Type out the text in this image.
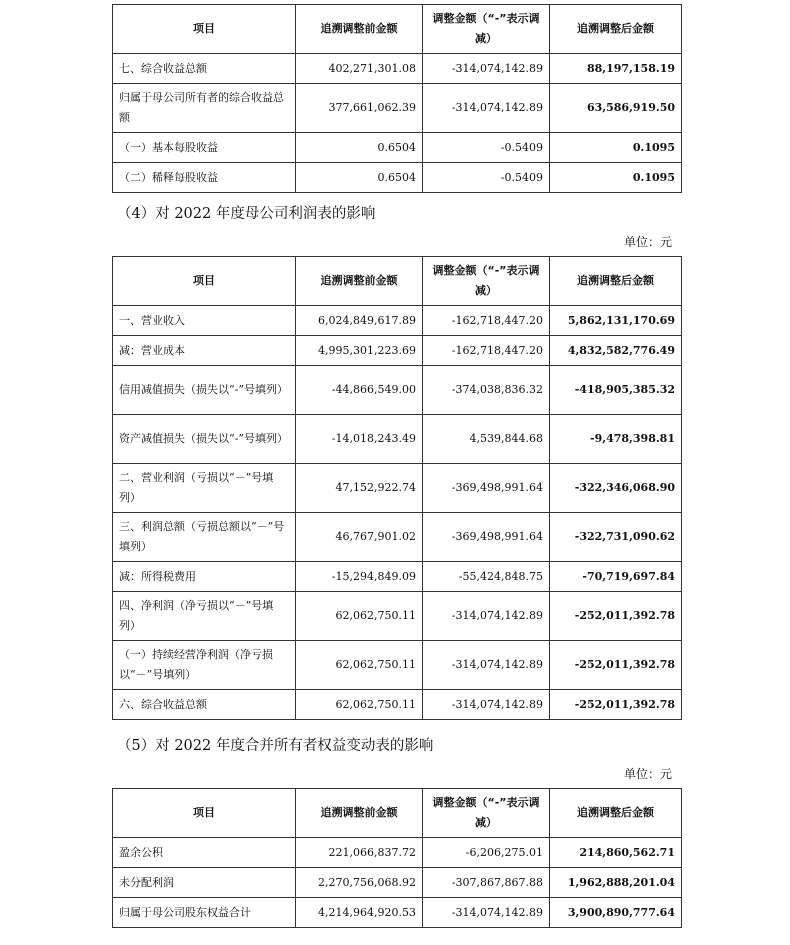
项目	追溯调整前金额	调整金额（“-”表示调减）	追溯调整后金额
七、综合收益总额	402,271,301.08	-314,074,142.89	88,197,158.19
归属于母公司所有者的综合收益总额	377,661,062.39	-314,074,142.89	63,586,919.50
（一）基本每股收益	0.6504	-0.5409	0.1095
（二）稀释每股收益	0.6504	-0.5409	0.1095
（4）对 2022 年度母公司利润表的影响
单位：元
项目	追溯调整前金额	调整金额（“-”表示调减）	追溯调整后金额
一、营业收入	6,024,849,617.89	-162,718,447.20	5,862,131,170.69
减：营业成本	4,995,301,223.69	-162,718,447.20	4,832,582,776.49
信用减值损失（损失以“-”号填列）	-44,866,549.00	-374,038,836.32	-418,905,385.32
资产减值损失（损失以“-”号填列）	-14,018,243.49	4,539,844.68	-9,478,398.81
二、营业利润（亏损以“－”号填列）	47,152,922.74	-369,498,991.64	-322,346,068.90
三、利润总额（亏损总额以“－”号填列）	46,767,901.02	-369,498,991.64	-322,731,090.62
减：所得税费用	-15,294,849.09	-55,424,848.75	-70,719,697.84
四、净利润（净亏损以“－”号填列）	62,062,750.11	-314,074,142.89	-252,011,392.78
（一）持续经营净利润（净亏损以“－”号填列）	62,062,750.11	-314,074,142.89	-252,011,392.78
六、综合收益总额	62,062,750.11	-314,074,142.89	-252,011,392.78
（5）对 2022 年度合并所有者权益变动表的影响
单位：元
项目	追溯调整前金额	调整金额（“-”表示调减）	追溯调整后金额
盈余公积	221,066,837.72	-6,206,275.01	214,860,562.71
未分配利润	2,270,756,068.92	-307,867,867.88	1,962,888,201.04
归属于母公司股东权益合计	4,214,964,920.53	-314,074,142.89	3,900,890,777.64
